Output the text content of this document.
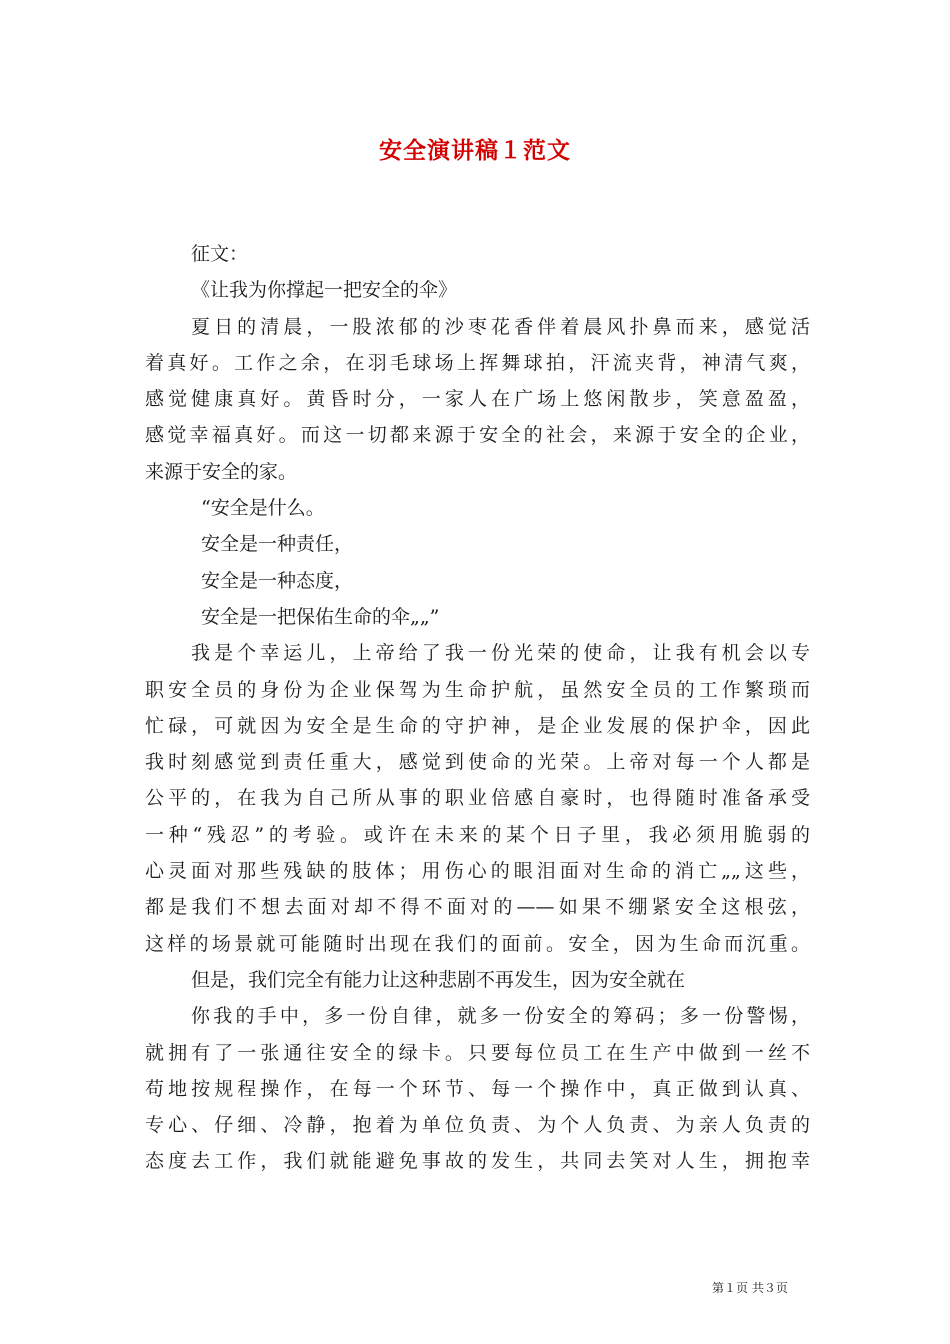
安全演讲稿１范文
征文：
《让我为你撑起一把安全的伞》
夏日的清晨，一股浓郁的沙枣花香伴着晨风扑鼻而来，感觉活
着真好。工作之余，在羽毛球场上挥舞球拍，汗流夹背，神清气爽，
感觉健康真好。黄昏时分，一家人在广场上悠闲散步，笑意盈盈，
感觉幸福真好。而这一切都来源于安全的社会，来源于安全的企业，
来源于安全的家。
“安全是什么。
安全是一种责任，
安全是一种态度，
安全是一把保佑生命的伞„„”
我是个幸运儿，上帝给了我一份光荣的使命，让我有机会以专
职安全员的身份为企业保驾为生命护航，虽然安全员的工作繁琐而
忙碌，可就因为安全是生命的守护神，是企业发展的保护伞，因此
我时刻感觉到责任重大，感觉到使命的光荣。上帝对每一个人都是
公平的，在我为自己所从事的职业倍感自豪时，也得随时准备承受
一种“残忍”的考验。或许在未来的某个日子里，我必须用脆弱的
心灵面对那些残缺的肢体；用伤心的眼泪面对生命的消亡„„这些，
都是我们不想去面对却不得不面对的——如果不绷紧安全这根弦，
这样的场景就可能随时出现在我们的面前。安全，因为生命而沉重。
但是，我们完全有能力让这种悲剧不再发生，因为安全就在
你我的手中，多一份自律，就多一份安全的筹码；多一份警惕，
就拥有了一张通往安全的绿卡。只要每位员工在生产中做到一丝不
苟地按规程操作，在每一个环节、每一个操作中，真正做到认真、
专心、仔细、冷静，抱着为单位负责、为个人负责、为亲人负责的
态度去工作，我们就能避免事故的发生，共同去笑对人生，拥抱幸
第１页 共３页
